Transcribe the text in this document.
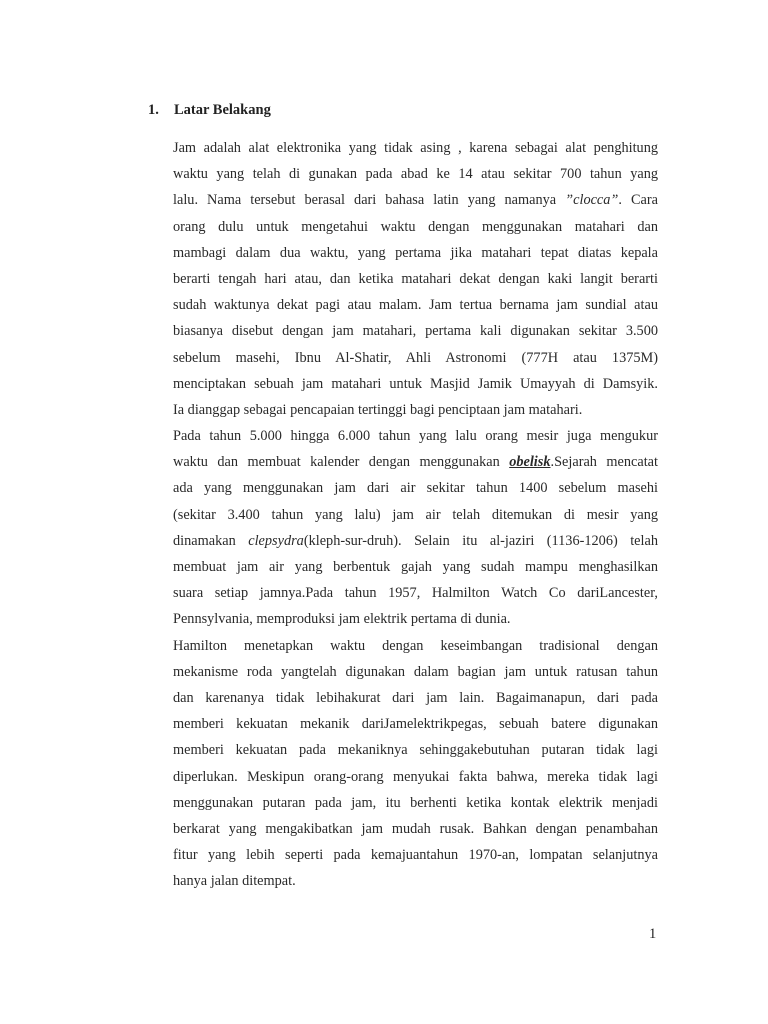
1. Latar Belakang
Jam adalah alat elektronika yang tidak asing , karena sebagai alat penghitung
waktu yang telah di gunakan pada abad ke 14 atau sekitar 700 tahun yang
lalu. Nama tersebut berasal dari bahasa latin yang namanya ”clocca”. Cara
orang dulu untuk mengetahui waktu dengan menggunakan matahari dan
mambagi dalam dua waktu, yang pertama jika matahari tepat diatas kepala
berarti tengah hari atau, dan ketika matahari dekat dengan kaki langit berarti
sudah waktunya dekat pagi atau malam. Jam tertua bernama jam sundial atau
biasanya disebut dengan jam matahari, pertama kali digunakan sekitar 3.500
sebelum masehi, Ibnu Al-Shatir, Ahli Astronomi (777H atau 1375M)
menciptakan sebuah jam matahari untuk Masjid Jamik Umayyah di Damsyik.
Ia dianggap sebagai pencapaian tertinggi bagi penciptaan jam matahari.
Pada tahun 5.000 hingga 6.000 tahun yang lalu orang mesir juga mengukur
waktu dan membuat kalender dengan menggunakan obelisk.Sejarah mencatat
ada yang menggunakan jam dari air sekitar tahun 1400 sebelum masehi
(sekitar 3.400 tahun yang lalu) jam air telah ditemukan di mesir yang
dinamakan clepsydra(kleph-sur-druh). Selain itu al-jaziri (1136-1206) telah
membuat jam air yang berbentuk gajah yang sudah mampu menghasilkan
suara setiap jamnya.Pada tahun 1957, Halmilton Watch Co dariLancester,
Pennsylvania, memproduksi jam elektrik pertama di dunia.
Hamilton menetapkan waktu dengan keseimbangan tradisional dengan
mekanisme roda yangtelah digunakan dalam bagian jam untuk ratusan tahun
dan karenanya tidak lebihakurat dari jam lain. Bagaimanapun, dari pada
memberi kekuatan mekanik dariJamelektrikpegas, sebuah batere digunakan
memberi kekuatan pada mekaniknya sehinggakebutuhan putaran tidak lagi
diperlukan. Meskipun orang-orang menyukai fakta bahwa, mereka tidak lagi
menggunakan putaran pada jam, itu berhenti ketika kontak elektrik menjadi
berkarat yang mengakibatkan jam mudah rusak. Bahkan dengan penambahan
fitur yang lebih seperti pada kemajuantahun 1970-an, lompatan selanjutnya
hanya jalan ditempat.
1
